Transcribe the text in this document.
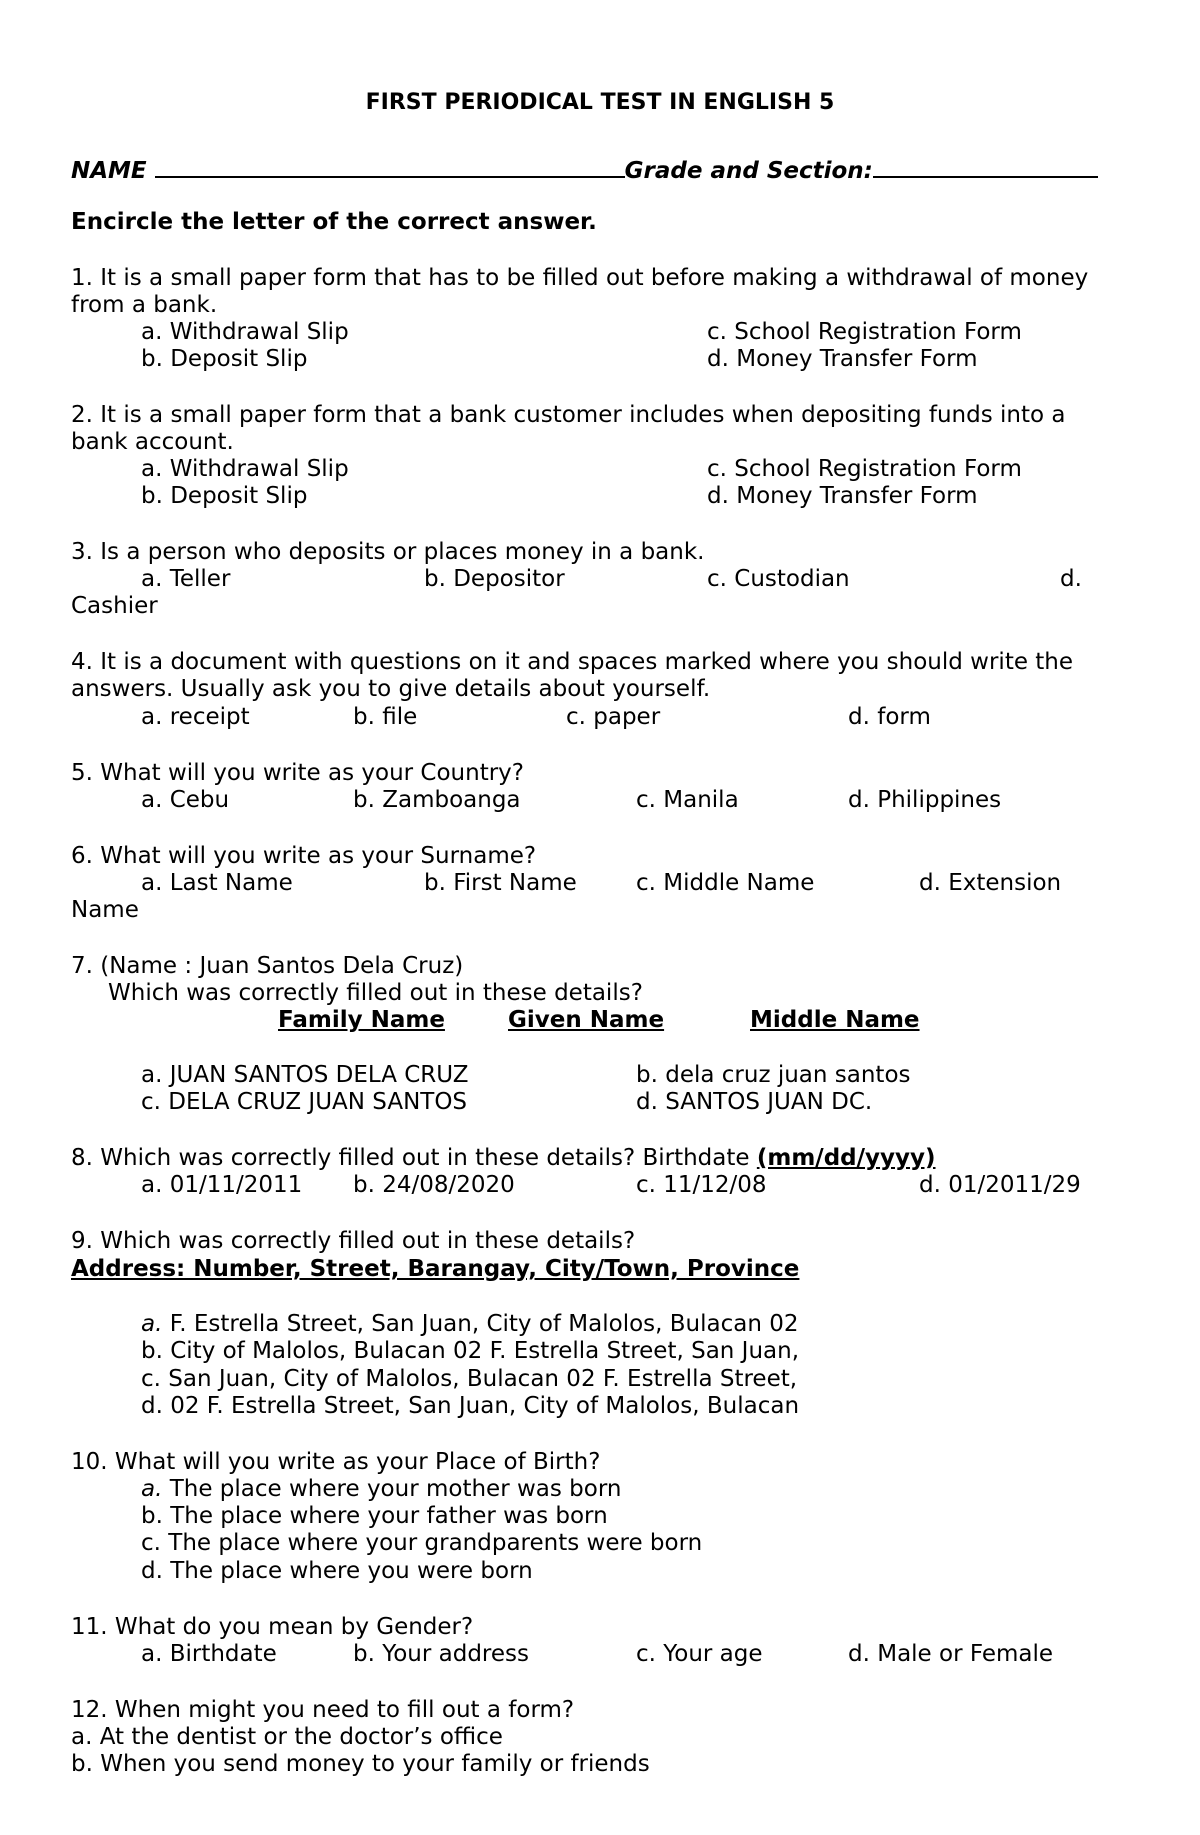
FIRST PERIODICAL TEST IN ENGLISH 5
NAME	Grade and Section:
Encircle the letter of the correct answer.
1. It is a small paper form that has to be filled out before making a withdrawal of money
from a bank.
a. Withdrawal Slip	c. School Registration Form
b. Deposit Slip	d. Money Transfer Form
2. It is a small paper form that a bank customer includes when depositing funds into a
bank account.
a. Withdrawal Slip	c. School Registration Form
b. Deposit Slip	d. Money Transfer Form
3. Is a person who deposits or places money in a bank.
a. Teller	b. Depositor	c. Custodian	d.
Cashier
4. It is a document with questions on it and spaces marked where you should write the
answers. Usually ask you to give details about yourself.
a. receipt	b. file	c. paper	d. form
5. What will you write as your Country?
a. Cebu	b. Zamboanga	c. Manila	d. Philippines
6. What will you write as your Surname?
a. Last Name	b. First Name	c. Middle Name	d. Extension
Name
7. (Name : Juan Santos Dela Cruz)
Which was correctly filled out in these details?
Family Name	Given Name	Middle Name
a. JUAN SANTOS DELA CRUZ	b. dela cruz juan santos
c. DELA CRUZ JUAN SANTOS	d. SANTOS JUAN DC.
8. Which was correctly filled out in these details? Birthdate (mm/dd/yyyy)
a. 01/11/2011 b. 24/08/2020	c. 11/12/08	d. 01/2011/29
9. Which was correctly filled out in these details?
Address: Number, Street, Barangay, City/Town, Province
a. F. Estrella Street, San Juan, City of Malolos, Bulacan 02
b. City of Malolos, Bulacan 02 F. Estrella Street, San Juan,
c. San Juan, City of Malolos, Bulacan 02 F. Estrella Street,
d. 02 F. Estrella Street, San Juan, City of Malolos, Bulacan
10. What will you write as your Place of Birth?
a. The place where your mother was born
b. The place where your father was born
c. The place where your grandparents were born
d. The place where you were born
11. What do you mean by Gender?
a. Birthdate	b. Your address	c. Your age	d. Male or Female
12. When might you need to fill out a form?
a. At the dentist or the doctor’s office
b. When you send money to your family or friends
